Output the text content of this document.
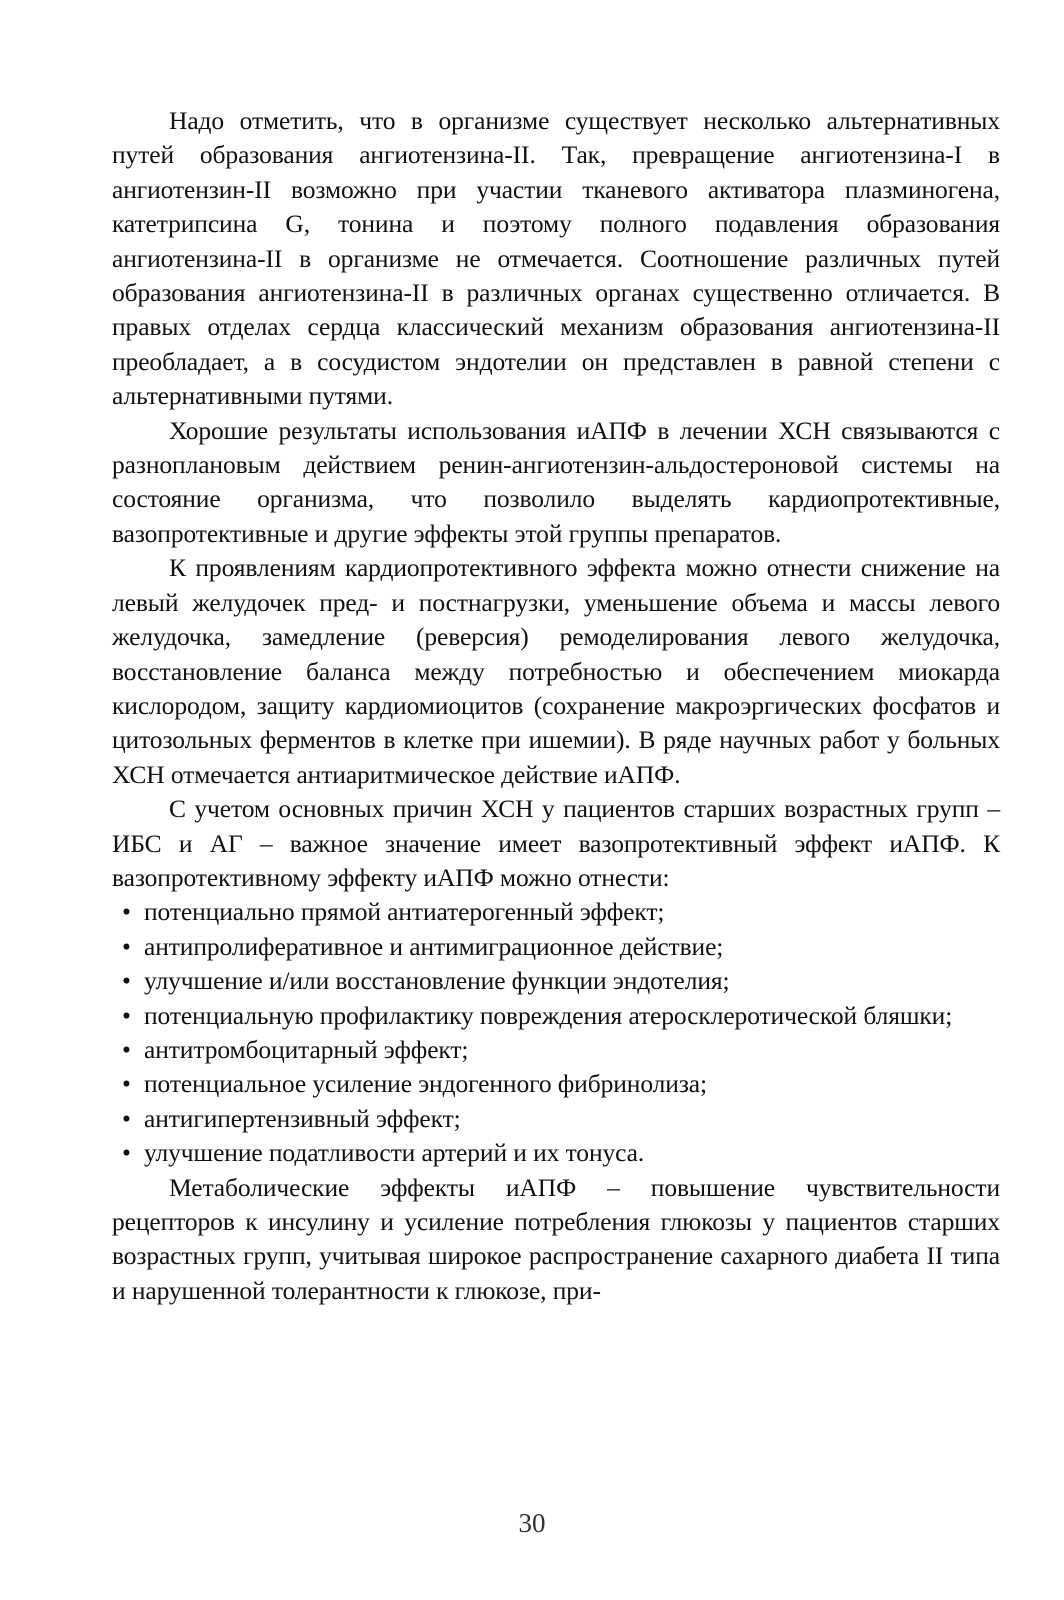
Надо отметить, что в организме существует несколько альтернативных путей образования ангиотензина-II. Так, превращение ангиотензина-I в ангиотензин-II возможно при участии тканевого активатора плазминогена, катетрипсина G, тонина и поэтому полного подавления образования ангиотензина-II в организме не отмечается. Соотношение различных путей образования ангиотензина-II в различных органах существенно отличается. В правых отделах сердца классический механизм образования ангиотензина-II преобладает, а в сосудистом эндотелии он представлен в равной степени с альтернативными путями.

Хорошие результаты использования иАПФ в лечении ХСН связываются с разноплановым действием ренин-ангиотензин-альдостероновой системы на состояние организма, что позволило выделять кардиопротективные, вазопротективные и другие эффекты этой группы препаратов.

К проявлениям кардиопротективного эффекта можно отнести снижение на левый желудочек пред- и постнагрузки, уменьшение объема и массы левого желудочка, замедление (реверсия) ремоделирования левого желудочка, восстановление баланса между потребностью и обеспечением миокарда кислородом, защиту кардиомиоцитов (сохранение макроэргических фосфатов и цитозольных ферментов в клетке при ишемии). В ряде научных работ у больных ХСН отмечается антиаритмическое действие иАПФ.

С учетом основных причин ХСН у пациентов старших возрастных групп – ИБС и АГ – важное значение имеет вазопротективный эффект иАПФ. К вазопротективному эффекту иАПФ можно отнести:

• потенциально прямой антиатерогенный эффект;
• антипролиферативное и антимиграционное действие;
• улучшение и/или восстановление функции эндотелия;
• потенциальную профилактику повреждения атеросклеротической бляшки;
• антитромбоцитарный эффект;
• потенциальное усиление эндогенного фибринолиза;
• антигипертензивный эффект;
• улучшение податливости артерий и их тонуса.

Метаболические эффекты иАПФ – повышение чувствительности рецепторов к инсулину и усиление потребления глюкозы у пациентов старших возрастных групп, учитывая широкое распространение сахарного диабета II типа и нарушенной толерантности к глюкозе, при-

30
